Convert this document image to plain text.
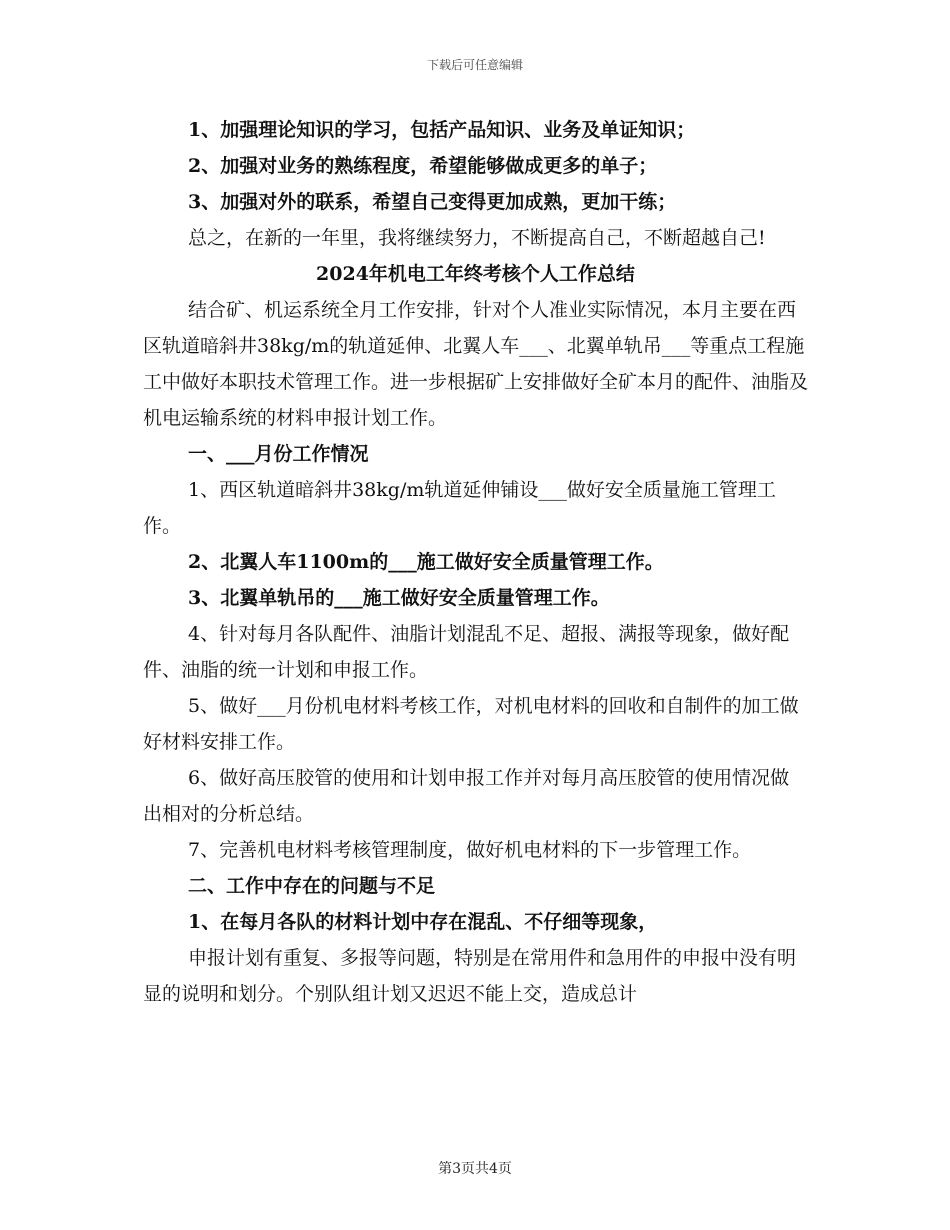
下载后可任意编辑

1、加强理论知识的学习，包括产品知识、业务及单证知识；

2、加强对业务的熟练程度，希望能够做成更多的单子；

3、加强对外的联系，希望自己变得更加成熟，更加干练；

总之，在新的一年里，我将继续努力，不断提高自己，不断超越自己!

2024年机电工年终考核个人工作总结

结合矿、机运系统全月工作安排，针对个人准业实际情况，本月主要在西区轨道暗斜井38kg/m的轨道延伸、北翼人车___、北翼单轨吊___等重点工程施工中做好本职技术管理工作。进一步根据矿上安排做好全矿本月的配件、油脂及机电运输系统的材料申报计划工作。

一、___月份工作情况

1、西区轨道暗斜井38kg/m轨道延伸铺设___做好安全质量施工管理工作。

2、北翼人车1100m的___施工做好安全质量管理工作。

3、北翼单轨吊的___施工做好安全质量管理工作。

4、针对每月各队配件、油脂计划混乱不足、超报、满报等现象，做好配件、油脂的统一计划和申报工作。

5、做好___月份机电材料考核工作，对机电材料的回收和自制件的加工做好材料安排工作。

6、做好高压胶管的使用和计划申报工作并对每月高压胶管的使用情况做出相对的分析总结。

7、完善机电材料考核管理制度，做好机电材料的下一步管理工作。

二、工作中存在的问题与不足

1、在每月各队的材料计划中存在混乱、不仔细等现象，

申报计划有重复、多报等问题，特别是在常用件和急用件的申报中没有明显的说明和划分。个别队组计划又迟迟不能上交，造成总计

第3页共4页
